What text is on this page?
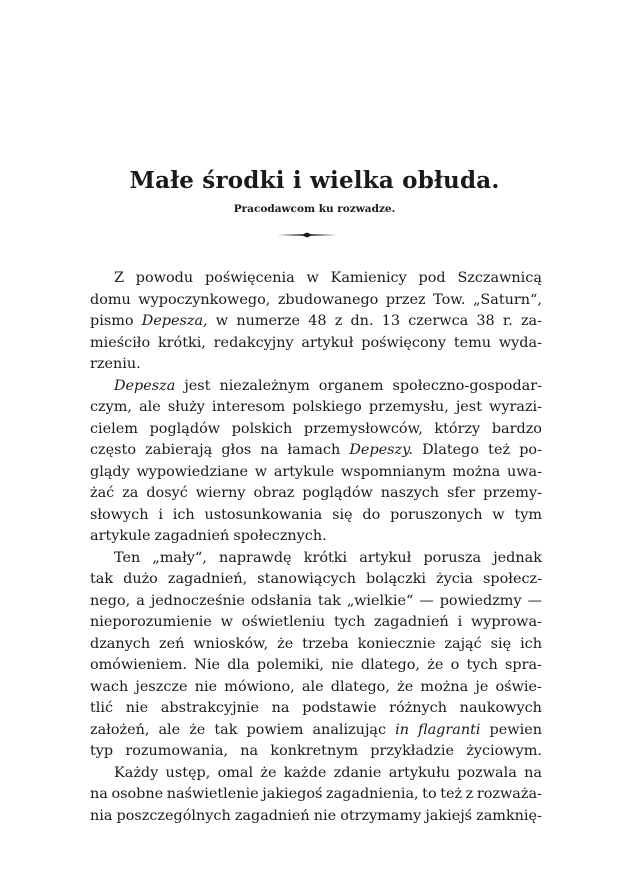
Małe środki i wielka obłuda.

Pracodawcom ku rozwadze.

Z powodu poświęcenia w Kamienicy pod Szczawnicą
domu wypoczynkowego, zbudowanego przez Tow. „Saturn“,
pismo Depesza, w numerze 48 z dn. 13 czerwca 38 r. za-
mieściło krótki, redakcyjny artykuł poświęcony temu wyda-
rzeniu.
Depesza jest niezależnym organem społeczno-gospodar-
czym, ale służy interesom polskiego przemysłu, jest wyrazi-
cielem poglądów polskich przemysłowców, którzy bardzo
często zabierają głos na łamach Depeszy. Dlatego też po-
glądy wypowiedziane w artykule wspomnianym można uwa-
żać za dosyć wierny obraz poglądów naszych sfer przemy-
słowych i ich ustosunkowania się do poruszonych w tym
artykule zagadnień społecznych.
Ten „mały“, naprawdę krótki artykuł porusza jednak
tak dużo zagadnień, stanowiących bolączki życia społecz-
nego, a jednocześnie odsłania tak „wielkie“ — powiedzmy —
nieporozumienie w oświetleniu tych zagadnień i wyprowa-
dzanych zeń wniosków, że trzeba koniecznie zająć się ich
omówieniem. Nie dla polemiki, nie dlatego, że o tych spra-
wach jeszcze nie mówiono, ale dlatego, że można je oświe-
tlić nie abstrakcyjnie na podstawie różnych naukowych
założeń, ale że tak powiem analizując in flagranti pewien
typ rozumowania, na konkretnym przykładzie życiowym.
Każdy ustęp, omal że każde zdanie artykułu pozwala na
na osobne naświetlenie jakiegoś zagadnienia, to też z rozważa-
nia poszczególnych zagadnień nie otrzymamy jakiejś zamknię-
